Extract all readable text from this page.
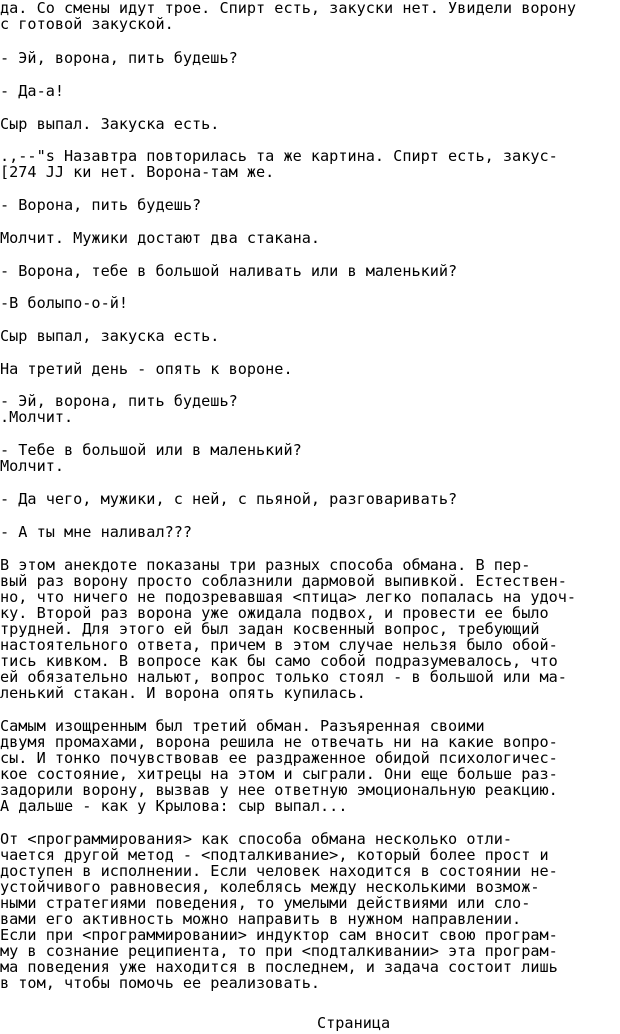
да. Со смены идут трое. Спирт есть, закуски нет. Увидели ворону
с готовой закуской.
- Эй, ворона, пить будешь?
- Да-а!
Сыр выпал. Закуска есть.
.,--"s Назавтра повторилась та же картина. Спирт есть, закус-
[274 JJ ки нет. Ворона-там же.
- Ворона, пить будешь?
Молчит. Мужики достают два стакана.
- Ворона, тебе в большой наливать или в маленький?
-В болыпо-о-й!
Сыр выпал, закуска есть.
На третий день - опять к вороне.
- Эй, ворона, пить будешь?
.Молчит.
- Тебе в большой или в маленький?
Молчит.
- Да чего, мужики, с ней, с пьяной, разговаривать?
- А ты мне наливал???
В этом анекдоте показаны три разных способа обмана. В пер-
вый раз ворону просто соблазнили дармовой выпивкой. Естествен-
но, что ничего не подозревавшая <птица> легко попалась на удоч-
ку. Второй раз ворона уже ожидала подвох, и провести ее было
трудней. Для этого ей был задан косвенный вопрос, требующий
настоятельного ответа, причем в этом случае нельзя было обой-
тись кивком. В вопросе как бы само собой подразумевалось, что
ей обязательно нальют, вопрос только стоял - в большой или ма-
ленький стакан. И ворона опять купилась.
Самым изощренным был третий обман. Разъяренная своими
двумя промахами, ворона решила не отвечать ни на какие вопро-
сы. И тонко почувствовав ее раздраженное обидой психологичес-
кое состояние, хитрецы на этом и сыграли. Они еще больше раз-
задорили ворону, вызвав у нее ответную эмоциональную реакцию.
А дальше - как у Крылова: сыр выпал...
От <программирования> как способа обмана несколько отли-
чается другой метод - <подталкивание>, который более прост и
доступен в исполнении. Если человек находится в состоянии не-
устойчивого равновесия, колеблясь между несколькими возмож-
ными стратегиями поведения, то умелыми действиями или сло-
вами его активность можно направить в нужном направлении.
Если при <программировании> индуктор сам вносит свою програм-
му в сознание реципиента, то при <подталкивании> эта програм-
ма поведения уже находится в последнем, и задача состоит лишь
в том, чтобы помочь ее реализовать.
Страница
